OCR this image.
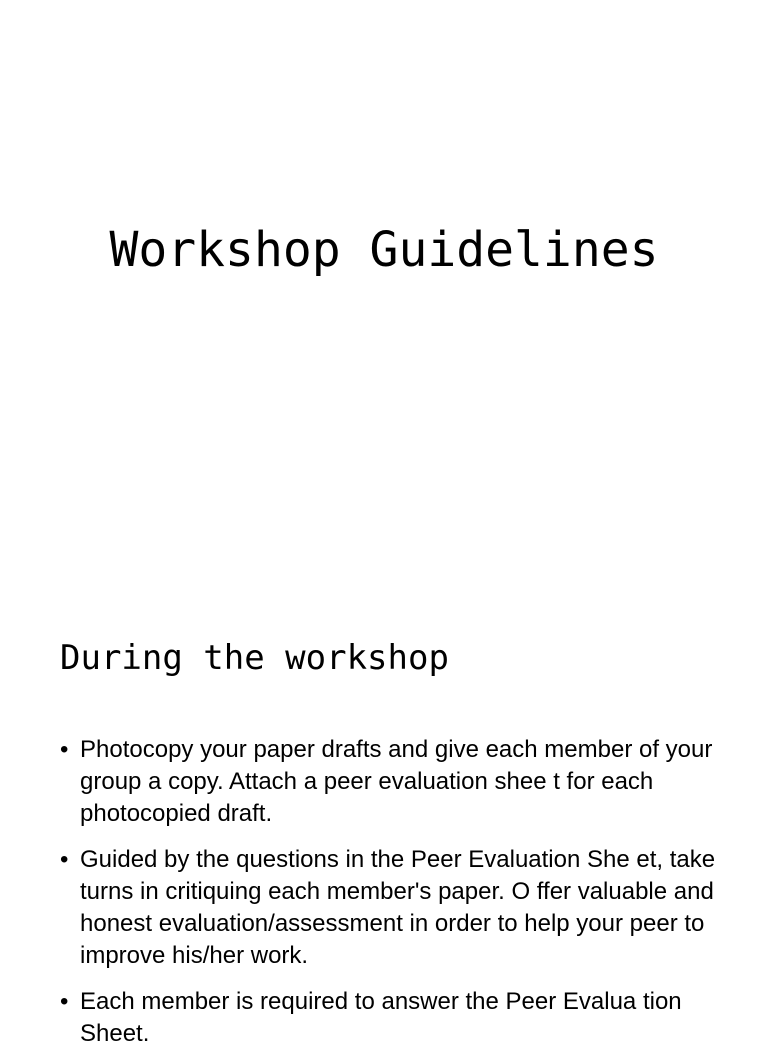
Workshop Guidelines
During the workshop
• Photocopy your paper drafts and give each member of your group a copy. Attach a peer evaluation shee t for each photocopied draft.
• Guided by the questions in the Peer Evaluation She et, take turns in critiquing each member's paper. O ffer valuable and honest evaluation/assessment in order to help your peer to improve his/her work.
• Each member is required to answer the Peer Evalua tion Sheet.
